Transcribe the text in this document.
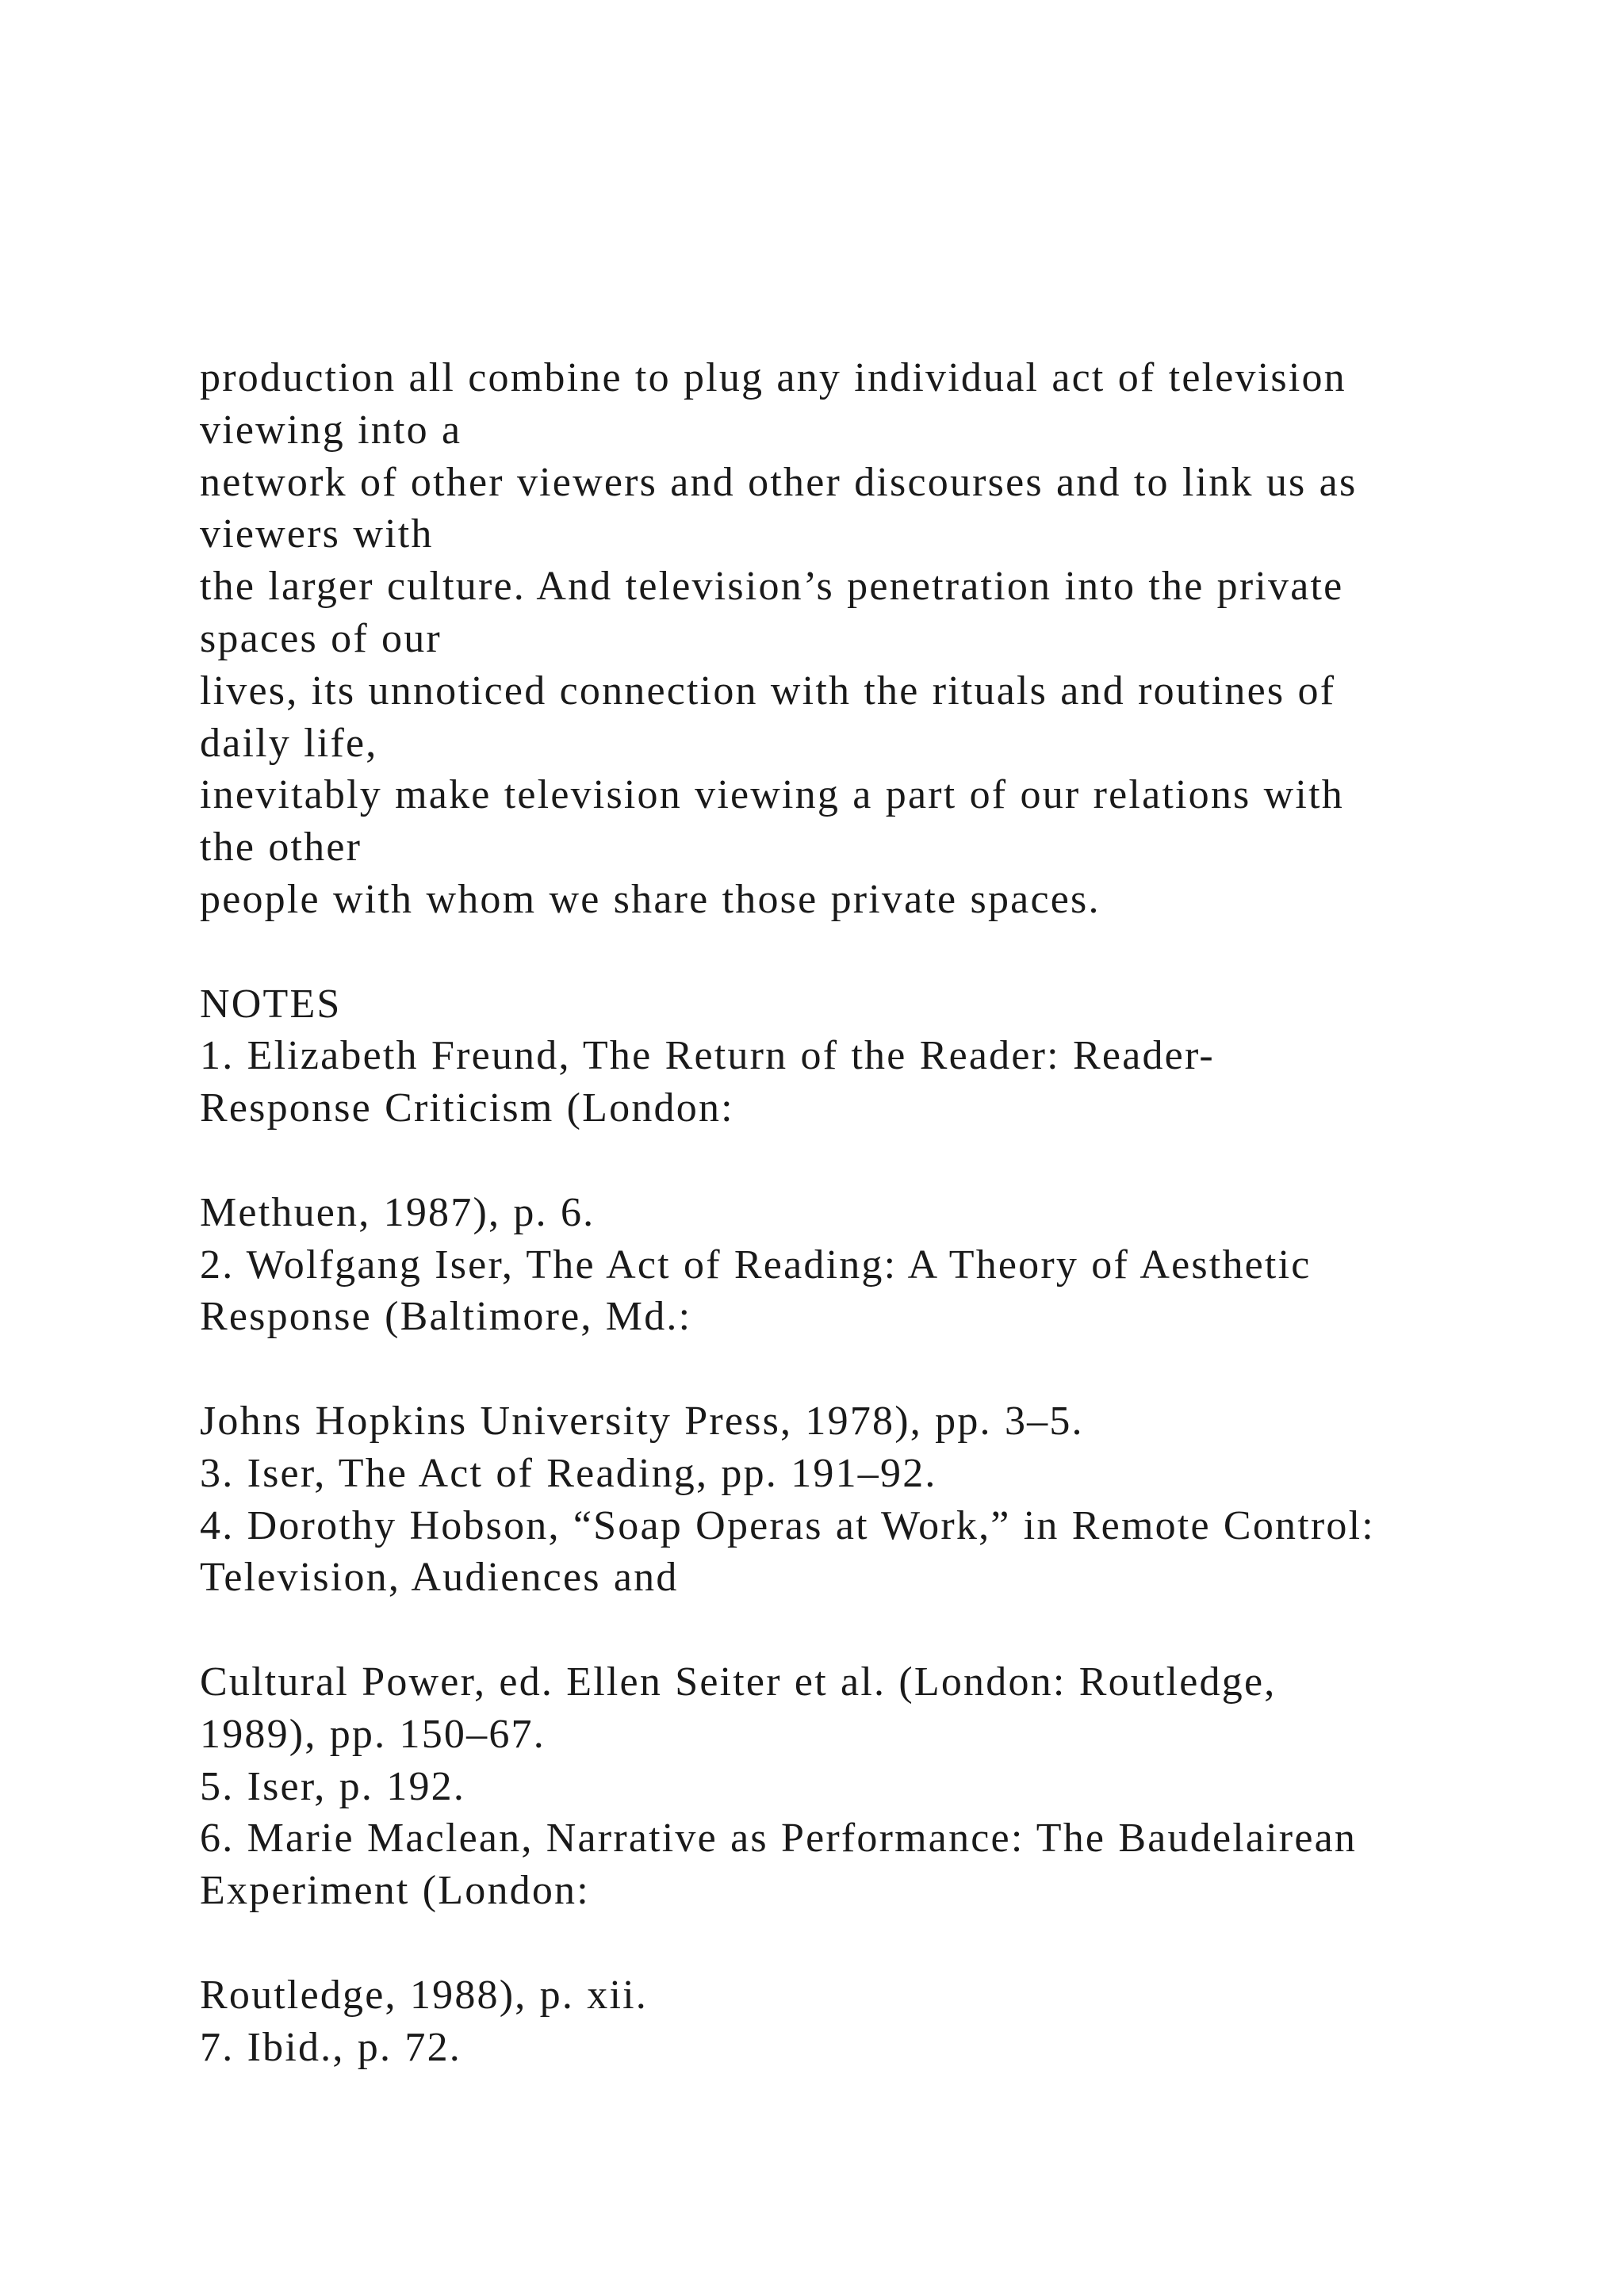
production all combine to plug any individual act of television
viewing into a
network of other viewers and other discourses and to link us as
viewers with
the larger culture. And television’s penetration into the private
spaces of our
lives, its unnoticed connection with the rituals and routines of
daily life,
inevitably make television viewing a part of our relations with
the other
people with whom we share those private spaces.
NOTES
1. Elizabeth Freund, The Return of the Reader: Reader-
Response Criticism (London:
Methuen, 1987), p. 6.
2. Wolfgang Iser, The Act of Reading: A Theory of Aesthetic
Response (Baltimore, Md.:
Johns Hopkins University Press, 1978), pp. 3–5.
3. Iser, The Act of Reading, pp. 191–92.
4. Dorothy Hobson, “Soap Operas at Work,” in Remote Control:
Television, Audiences and
Cultural Power, ed. Ellen Seiter et al. (London: Routledge,
1989), pp. 150–67.
5. Iser, p. 192.
6. Marie Maclean, Narrative as Performance: The Baudelairean
Experiment (London:
Routledge, 1988), p. xii.
7. Ibid., p. 72.
